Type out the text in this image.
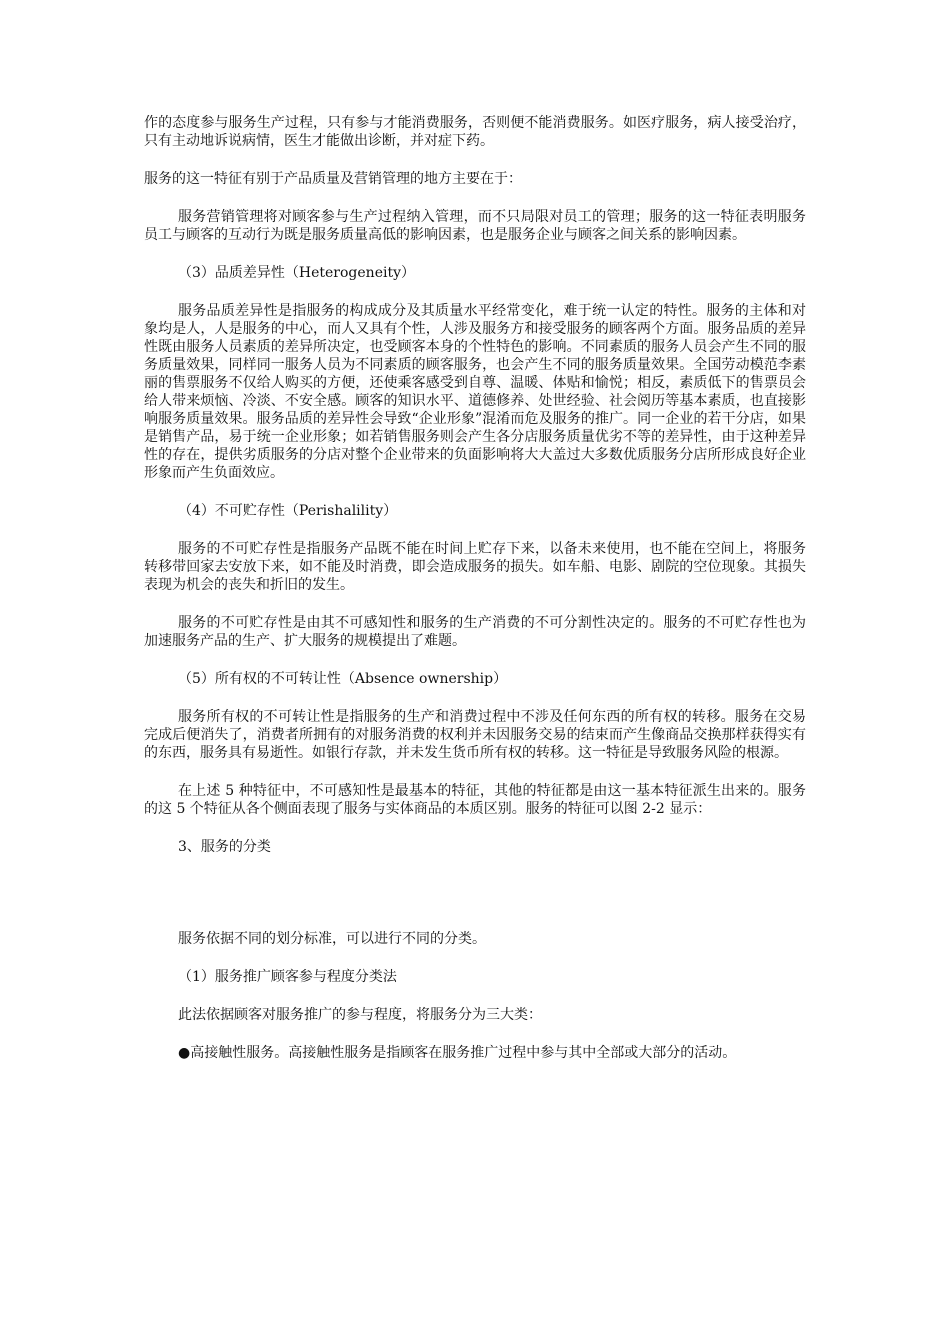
作的态度参与服务生产过程，只有参与才能消费服务，否则便不能消费服务。如医疗服务，病人接受治疗，只有主动地诉说病情，医生才能做出诊断，并对症下药。

服务的这一特征有别于产品质量及营销管理的地方主要在于：

服务营销管理将对顾客参与生产过程纳入管理，而不只局限对员工的管理；服务的这一特征表明服务员工与顾客的互动行为既是服务质量高低的影响因素，也是服务企业与顾客之间关系的影响因素。

（3）品质差异性（Heterogeneity）

服务品质差异性是指服务的构成成分及其质量水平经常变化，难于统一认定的特性。服务的主体和对象均是人，人是服务的中心，而人又具有个性，人涉及服务方和接受服务的顾客两个方面。服务品质的差异性既由服务人员素质的差异所决定，也受顾客本身的个性特色的影响。不同素质的服务人员会产生不同的服务质量效果，同样同一服务人员为不同素质的顾客服务，也会产生不同的服务质量效果。全国劳动模范李素丽的售票服务不仅给人购买的方便，还使乘客感受到自尊、温暖、体贴和愉悦；相反，素质低下的售票员会给人带来烦恼、冷淡、不安全感。顾客的知识水平、道德修养、处世经验、社会阅历等基本素质，也直接影响服务质量效果。服务品质的差异性会导致“企业形象”混淆而危及服务的推广。同一企业的若干分店，如果是销售产品，易于统一企业形象；如若销售服务则会产生各分店服务质量优劣不等的差异性，由于这种差异性的存在，提供劣质服务的分店对整个企业带来的负面影响将大大盖过大多数优质服务分店所形成良好企业形象而产生负面效应。

（4）不可贮存性（Perishalility）

服务的不可贮存性是指服务产品既不能在时间上贮存下来，以备未来使用，也不能在空间上，将服务转移带回家去安放下来，如不能及时消费，即会造成服务的损失。如车船、电影、剧院的空位现象。其损失表现为机会的丧失和折旧的发生。

服务的不可贮存性是由其不可感知性和服务的生产消费的不可分割性决定的。服务的不可贮存性也为加速服务产品的生产、扩大服务的规模提出了难题。

（5）所有权的不可转让性（Absence ownership）

服务所有权的不可转让性是指服务的生产和消费过程中不涉及任何东西的所有权的转移。服务在交易完成后便消失了，消费者所拥有的对服务消费的权利并未因服务交易的结束而产生像商品交换那样获得实有的东西，服务具有易逝性。如银行存款，并未发生货币所有权的转移。这一特征是导致服务风险的根源。

在上述 5 种特征中，不可感知性是最基本的特征，其他的特征都是由这一基本特征派生出来的。服务的这 5 个特征从各个侧面表现了服务与实体商品的本质区别。服务的特征可以图 2-2 显示：

3、服务的分类

服务依据不同的划分标准，可以进行不同的分类。

（1）服务推广顾客参与程度分类法

此法依据顾客对服务推广的参与程度，将服务分为三大类：

●高接触性服务。高接触性服务是指顾客在服务推广过程中参与其中全部或大部分的活动。
